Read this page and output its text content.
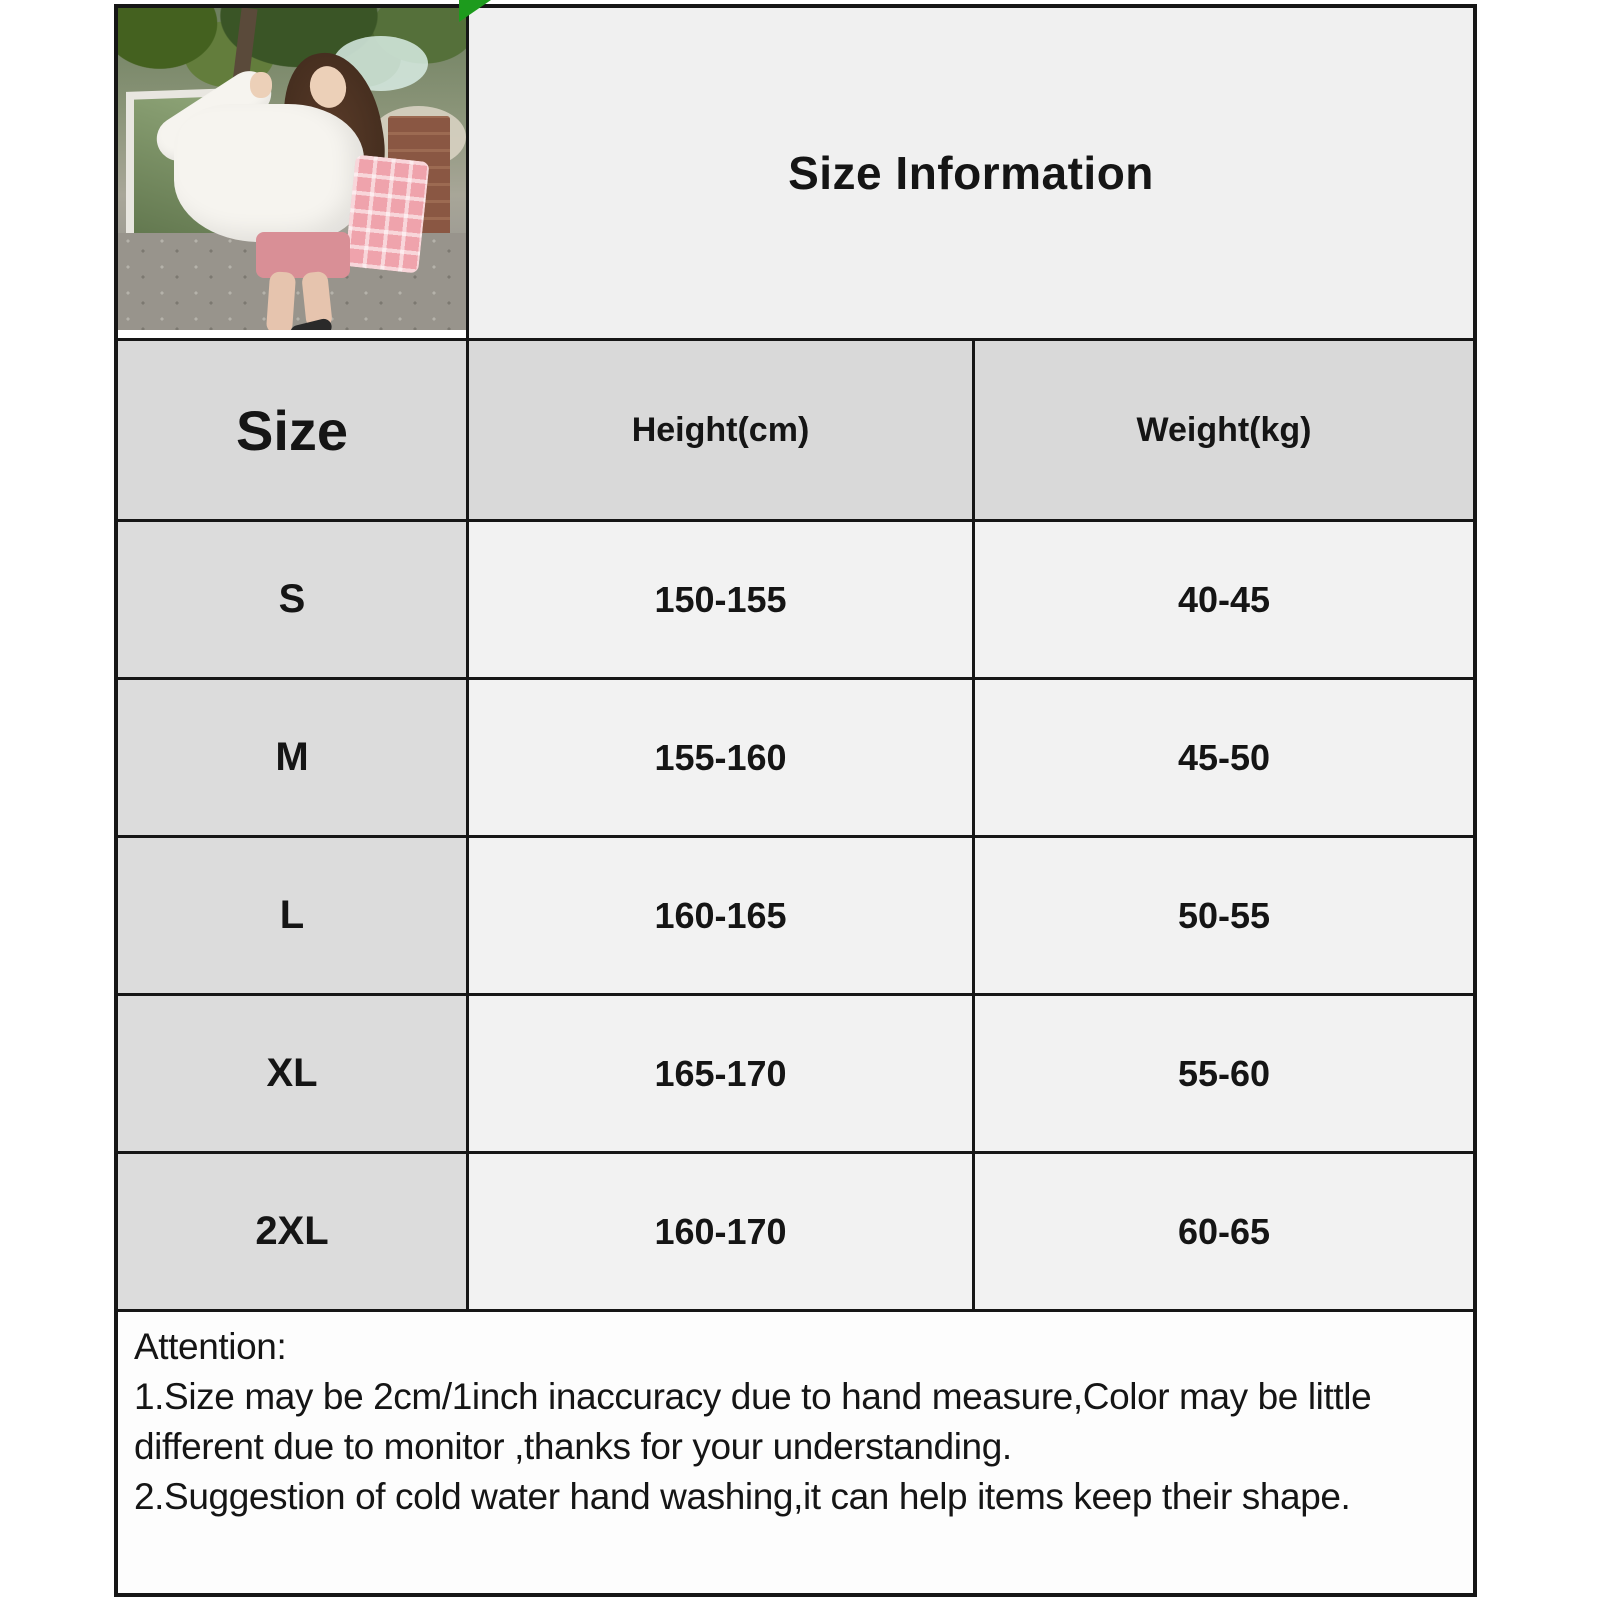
Size Information
Size	Height(cm)	Weight(kg)
S	150-155	40-45
M	155-160	45-50
L	160-165	50-55
XL	165-170	55-60
2XL	160-170	60-65
Attention:
1.Size may be 2cm/1inch inaccuracy due to hand measure,Color may be little different due to monitor ,thanks for your understanding.
2.Suggestion of cold water hand washing,it can help items keep their shape.
